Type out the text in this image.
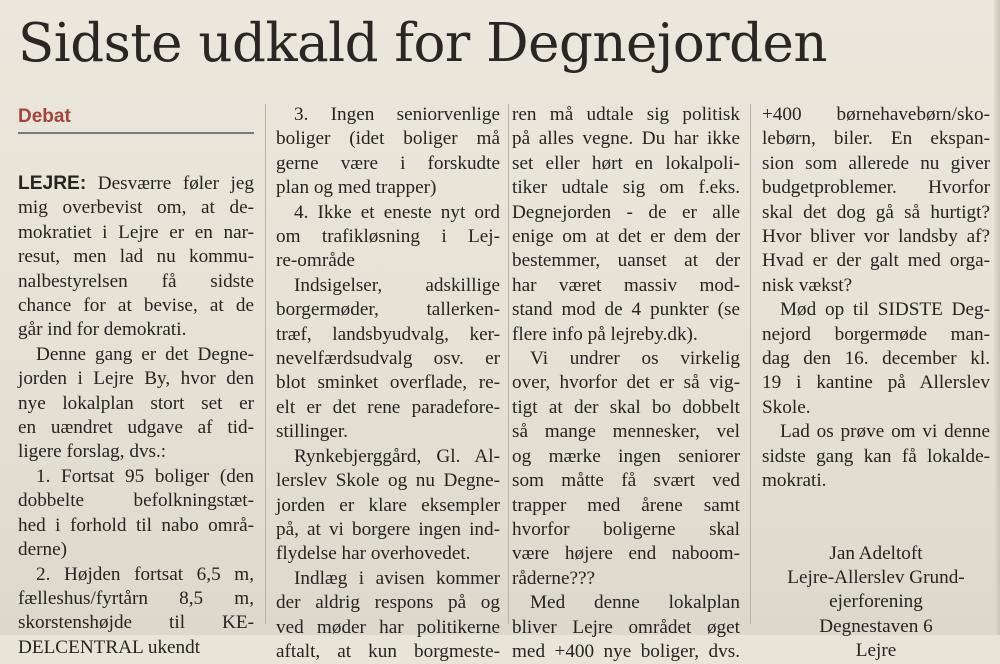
Sidste udkald for Degnejorden
Debat
LEJRE: Desværre føler jeg
mig overbevist om, at de-
mokratiet i Lejre er en nar-
resut, men lad nu kommu-
nalbestyrelsen få sidste
chance for at bevise, at de
går ind for demokrati.
Denne gang er det Degne-
jorden i Lejre By, hvor den
nye lokalplan stort set er
en uændret udgave af tid-
ligere forslag, dvs.:
1. Fortsat 95 boliger (den
dobbelte befolkningstæt-
hed i forhold til nabo områ-
derne)
2. Højden fortsat 6,5 m,
fælleshus/fyrtårn 8,5 m,
skorstenshøjde til KE-
DELCENTRAL ukendt
3. Ingen seniorvenlige
boliger (idet boliger må
gerne være i forskudte
plan og med trapper)
4. Ikke et eneste nyt ord
om trafikløsning i Lej-
re-område
Indsigelser, adskillige
borgermøder, tallerken-
træf, landsbyudvalg, ker-
nevelfærdsudvalg osv. er
blot sminket overflade, re-
elt er det rene paradefore-
stillinger.
Rynkebjerggård, Gl. Al-
lerslev Skole og nu Degne-
jorden er klare eksempler
på, at vi borgere ingen ind-
flydelse har overhovedet.
Indlæg i avisen kommer
der aldrig respons på og
ved møder har politikerne
aftalt, at kun borgmeste-
ren må udtale sig politisk
på alles vegne. Du har ikke
set eller hørt en lokalpoli-
tiker udtale sig om f.eks.
Degnejorden - de er alle
enige om at det er dem der
bestemmer, uanset at der
har været massiv mod-
stand mod de 4 punkter (se
flere info på lejreby.dk).
Vi undrer os virkelig
over, hvorfor det er så vig-
tigt at der skal bo dobbelt
så mange mennesker, vel
og mærke ingen seniorer
som måtte få svært ved
trapper med årene samt
hvorfor boligerne skal
være højere end naboom-
råderne???
Med denne lokalplan
bliver Lejre området øget
med +400 nye boliger, dvs.
+400 børnehavebørn/sko-
lebørn, biler. En ekspan-
sion som allerede nu giver
budgetproblemer. Hvorfor
skal det dog gå så hurtigt?
Hvor bliver vor landsby af?
Hvad er der galt med orga-
nisk vækst?
Mød op til SIDSTE Deg-
nejord borgermøde man-
dag den 16. december kl.
19 i kantine på Allerslev
Skole.
Lad os prøve om vi denne
sidste gang kan få lokalde-
mokrati.
Jan Adeltoft
Lejre-Allerslev Grund-
ejerforening
Degnestaven 6
Lejre
